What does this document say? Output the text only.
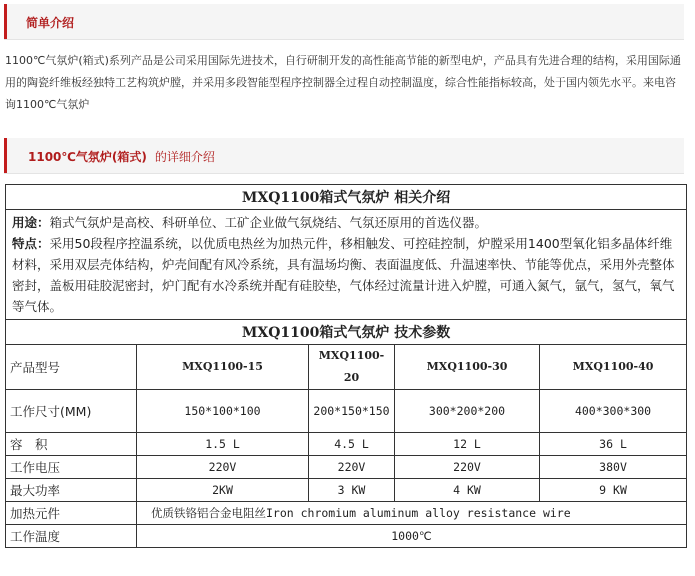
简单介绍
1100℃气氛炉(箱式)系列产品是公司采用国际先进技术，自行研制开发的高性能高节能的新型电炉，产品具有先进合理的结构，采用国际通用的陶瓷纤维板经独特工艺构筑炉膛，并采用多段智能型程序控制器全过程自动控制温度，综合性能指标较高，处于国内领先水平。来电咨询1100℃气氛炉
1100℃气氛炉(箱式) 的详细介绍
MXQ1100箱式气氛炉 相关介绍				
用途：箱式气氛炉是高校、科研单位、工矿企业做气氛烧结、气氛还原用的首选仪器。
特点：采用50段程序控温系统，以优质电热丝为加热元件，移相触发、可控硅控制，炉膛采用1400型氧化铝多晶体纤维材料，采用双层壳体结构，炉壳间配有风冷系统，具有温场均衡、表面温度低、升温速率快、节能等优点，采用外壳整体密封，盖板用硅胶泥密封，炉门配有水冷系统并配有硅胶垫，气体经过流量计进入炉膛，可通入氮气，氩气，氢气，氧气等气体。				
MXQ1100箱式气氛炉 技术参数				
产品型号	MXQ1100-15	MXQ1100-20	MXQ1100-30	MXQ1100-40
工作尺寸(MM)	150*100*100	200*150*150	300*200*200	400*300*300
容　积	1.5 L	4.5 L	12 L	36 L
工作电压	220V	220V	220V	380V
最大功率	2KW	3 KW	4 KW	9 KW
加热元件	优质铁铬铝合金电阻丝Iron chromium aluminum alloy resistance wire			
工作温度	1000℃			
